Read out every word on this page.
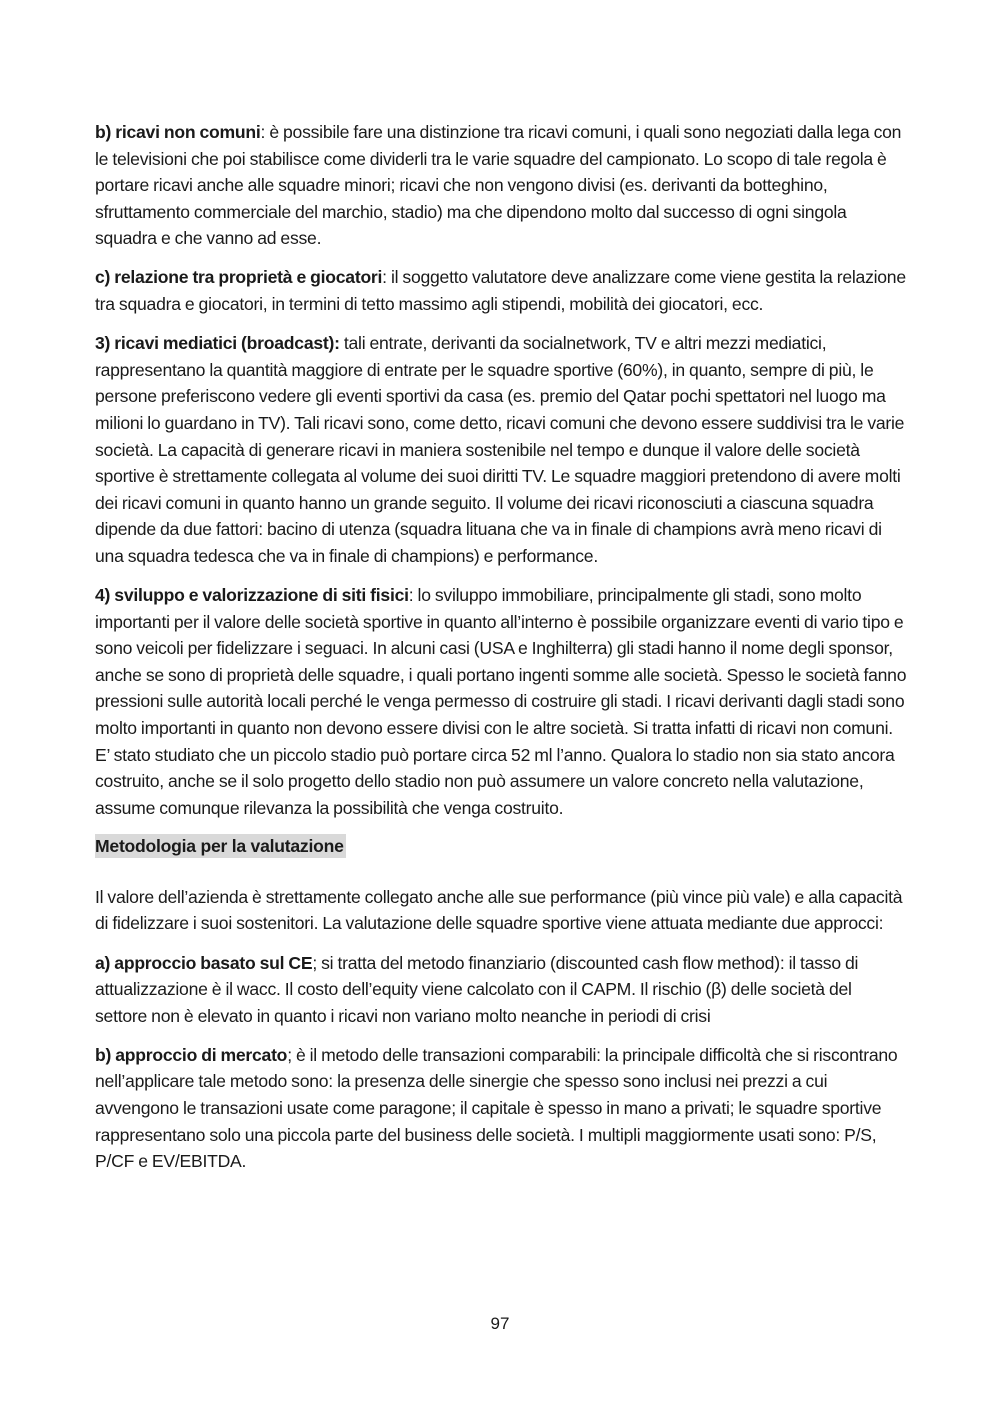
b) ricavi non comuni: è possibile fare una distinzione tra ricavi comuni, i quali sono negoziati dalla lega con le televisioni che poi stabilisce come dividerli tra le varie squadre del campionato. Lo scopo di tale regola è portare ricavi anche alle squadre minori; ricavi che non vengono divisi (es. derivanti da botteghino, sfruttamento commerciale del marchio, stadio) ma che dipendono molto dal successo di ogni singola squadra e che vanno ad esse.

c) relazione tra proprietà e giocatori: il soggetto valutatore deve analizzare come viene gestita la relazione tra squadra e giocatori, in termini di tetto massimo agli stipendi, mobilità dei giocatori, ecc.

3) ricavi mediatici (broadcast): tali entrate, derivanti da socialnetwork, TV e altri mezzi mediatici, rappresentano la quantità maggiore di entrate per le squadre sportive (60%), in quanto, sempre di più, le persone preferiscono vedere gli eventi sportivi da casa (es. premio del Qatar pochi spettatori nel luogo ma milioni lo guardano in TV). Tali ricavi sono, come detto, ricavi comuni che devono essere suddivisi tra le varie società. La capacità di generare ricavi in maniera sostenibile nel tempo e dunque il valore delle società sportive è strettamente collegata al volume dei suoi diritti TV. Le squadre maggiori pretendono di avere molti dei ricavi comuni in quanto hanno un grande seguito. Il volume dei ricavi riconosciuti a ciascuna squadra dipende da due fattori: bacino di utenza (squadra lituana che va in finale di champions avrà meno ricavi di una squadra tedesca che va in finale di champions) e performance.

4) sviluppo e valorizzazione di siti fisici: lo sviluppo immobiliare, principalmente gli stadi, sono molto importanti per il valore delle società sportive in quanto all’interno è possibile organizzare eventi di vario tipo e sono veicoli per fidelizzare i seguaci. In alcuni casi (USA e Inghilterra) gli stadi hanno il nome degli sponsor, anche se sono di proprietà delle squadre, i quali portano ingenti somme alle società. Spesso le società fanno pressioni sulle autorità locali perché le venga permesso di costruire gli stadi. I ricavi derivanti dagli stadi sono molto importanti in quanto non devono essere divisi con le altre società. Si tratta infatti di ricavi non comuni. E’ stato studiato che un piccolo stadio può portare circa 52 ml l’anno. Qualora lo stadio non sia stato ancora costruito, anche se il solo progetto dello stadio non può assumere un valore concreto nella valutazione, assume comunque rilevanza la possibilità che venga costruito.

Metodologia per la valutazione

Il valore dell’azienda è strettamente collegato anche alle sue performance (più vince più vale) e alla capacità di fidelizzare i suoi sostenitori. La valutazione delle squadre sportive viene attuata mediante due approcci:

a) approccio basato sul CE; si tratta del metodo finanziario (discounted cash flow method): il tasso di attualizzazione è il wacc. Il costo dell’equity viene calcolato con il CAPM. Il rischio (β) delle società del settore non è elevato in quanto i ricavi non variano molto neanche in periodi di crisi

b) approccio di mercato; è il metodo delle transazioni comparabili: la principale difficoltà che si riscontrano nell’applicare tale metodo sono: la presenza delle sinergie che spesso sono inclusi nei prezzi a cui avvengono le transazioni usate come paragone; il capitale è spesso in mano a privati; le squadre sportive rappresentano solo una piccola parte del business delle società. I multipli maggiormente usati sono: P/S, P/CF e EV/EBITDA.

97
